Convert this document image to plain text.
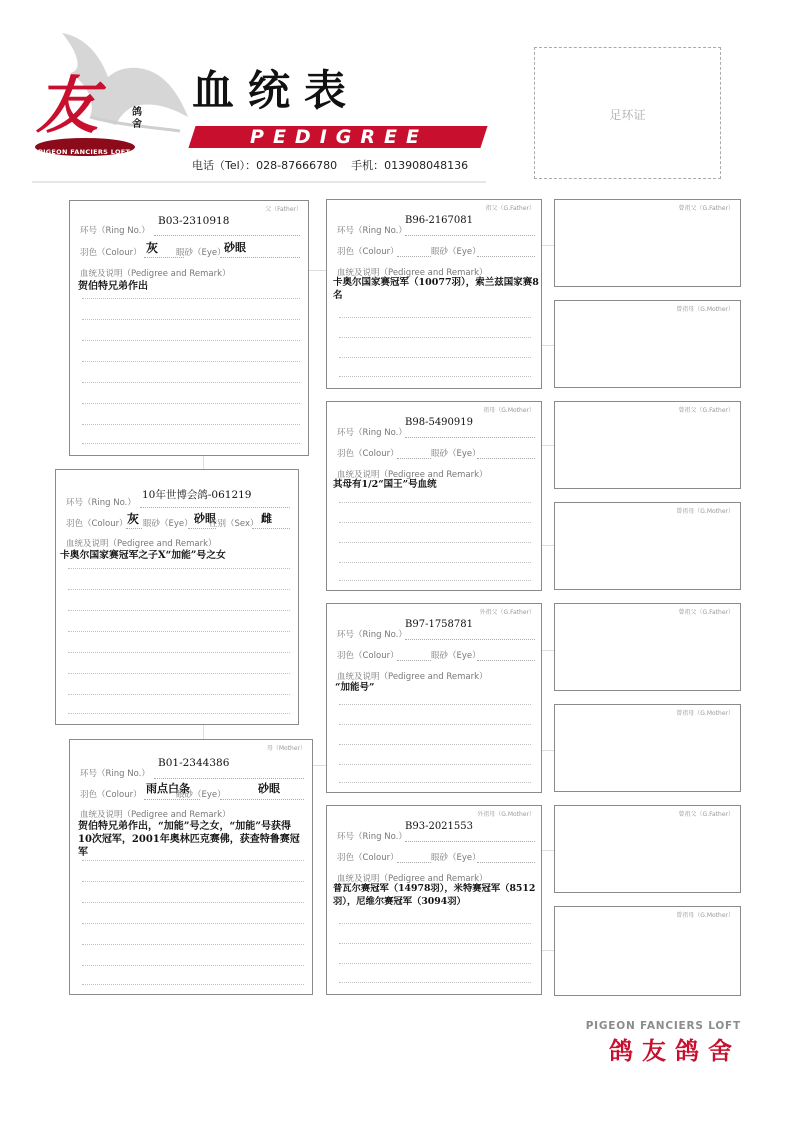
友	鸽舍
PIGEON FANCIERS LOFT
血统表
PEDIGREE
电话（Tel）：028-87666780    手机：013908048136
足环证
父（Father）
环号（Ring No.）
B03-2310918
羽色（Colour） 灰 眼砂（Eye）
砂眼
血统及说明（Pedigree and Remark）
贺伯特兄弟作出
环号（Ring No.）
10年世博会鸽-061219
羽色（Colour） 灰 眼砂（Eye） 砂眼
性别（Sex） 雌
血统及说明（Pedigree and Remark）
卡奥尔国家赛冠军之子X“加能”号之女
母（Mother）
环号（Ring No.）
B01-2344386
羽色（Colour） 雨点白条
眼砂（Eye）	砂眼
血统及说明（Pedigree and Remark）
贺伯特兄弟作出，“加能”号之女，“加能”号获得10次冠军，2001年奥林匹克赛佛，获查特鲁赛冠军
祖父（G.Father）
环号（Ring No.）
B96-2167081
羽色（Colour）	眼砂（Eye）
血统及说明（Pedigree and Remark）
卡奥尔国家赛冠军（10077羽），索兰兹国家赛8名
祖母（G.Mother）
环号（Ring No.）
B98-5490919
羽色（Colour）	眼砂（Eye）
血统及说明（Pedigree and Remark）
其母有1/2“国王”号血统
外祖父（G.Father）
环号（Ring No.）
B97-1758781
羽色（Colour）	眼砂（Eye）
血统及说明（Pedigree and Remark）
“加能号”
外祖母（G.Mother）
环号（Ring No.）
B93-2021553
羽色（Colour）	眼砂（Eye）
血统及说明（Pedigree and Remark）
普瓦尔赛冠军（14978羽），米特赛冠军（8512羽），尼维尔赛冠军（3094羽）
曾祖父（G.Father）
曾祖母（G.Mother）
曾祖父（G.Father）
曾祖母（G.Mother）
曾祖父（G.Father）
曾祖母（G.Mother）
曾祖父（G.Father）
曾祖母（G.Mother）
PIGEON FANCIERS LOFT
鸽友鸽舍
